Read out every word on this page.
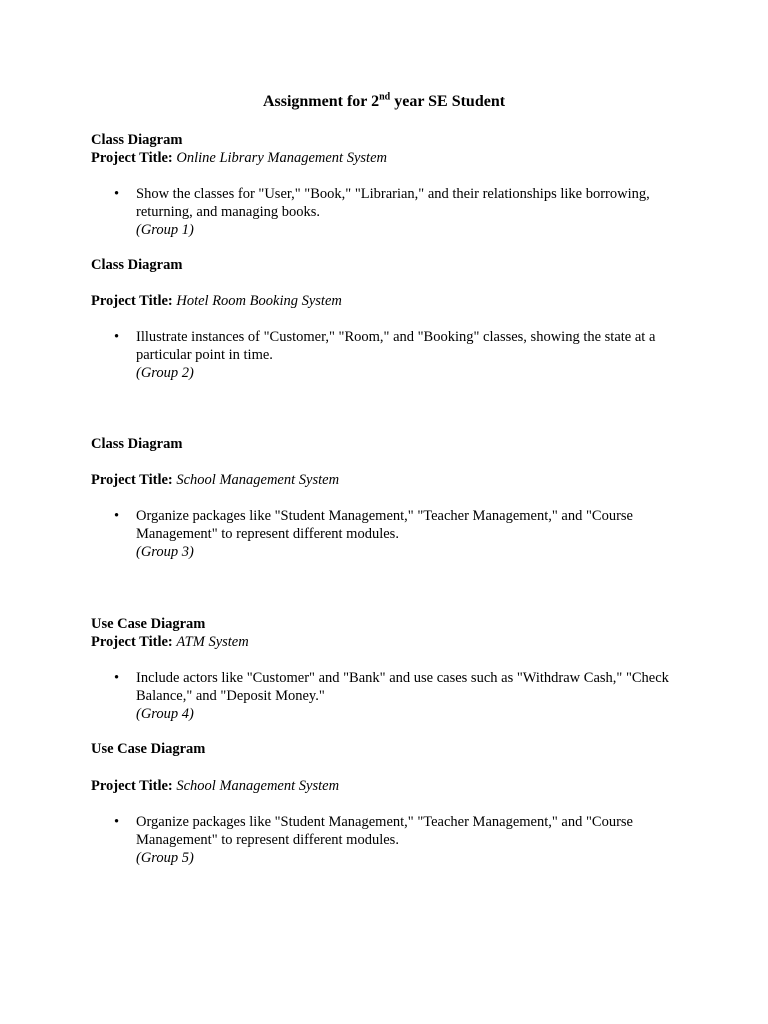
Assignment for 2nd year SE Student

Class Diagram

Project Title: Online Library Management System

•	Show the classes for "User," "Book," "Librarian," and their relationships like borrowing, returning, and managing books.
(Group 1)

Class Diagram

Project Title: Hotel Room Booking System

•	Illustrate instances of "Customer," "Room," and "Booking" classes, showing the state at a particular point in time.
(Group 2)

Class Diagram

Project Title: School Management System

•	Organize packages like "Student Management," "Teacher Management," and "Course Management" to represent different modules.
(Group 3)

Use Case Diagram

Project Title: ATM System

•	Include actors like "Customer" and "Bank" and use cases such as "Withdraw Cash," "Check Balance," and "Deposit Money."
(Group 4)

Use Case Diagram

Project Title: School Management System

•	Organize packages like "Student Management," "Teacher Management," and "Course Management" to represent different modules.
(Group 5)
